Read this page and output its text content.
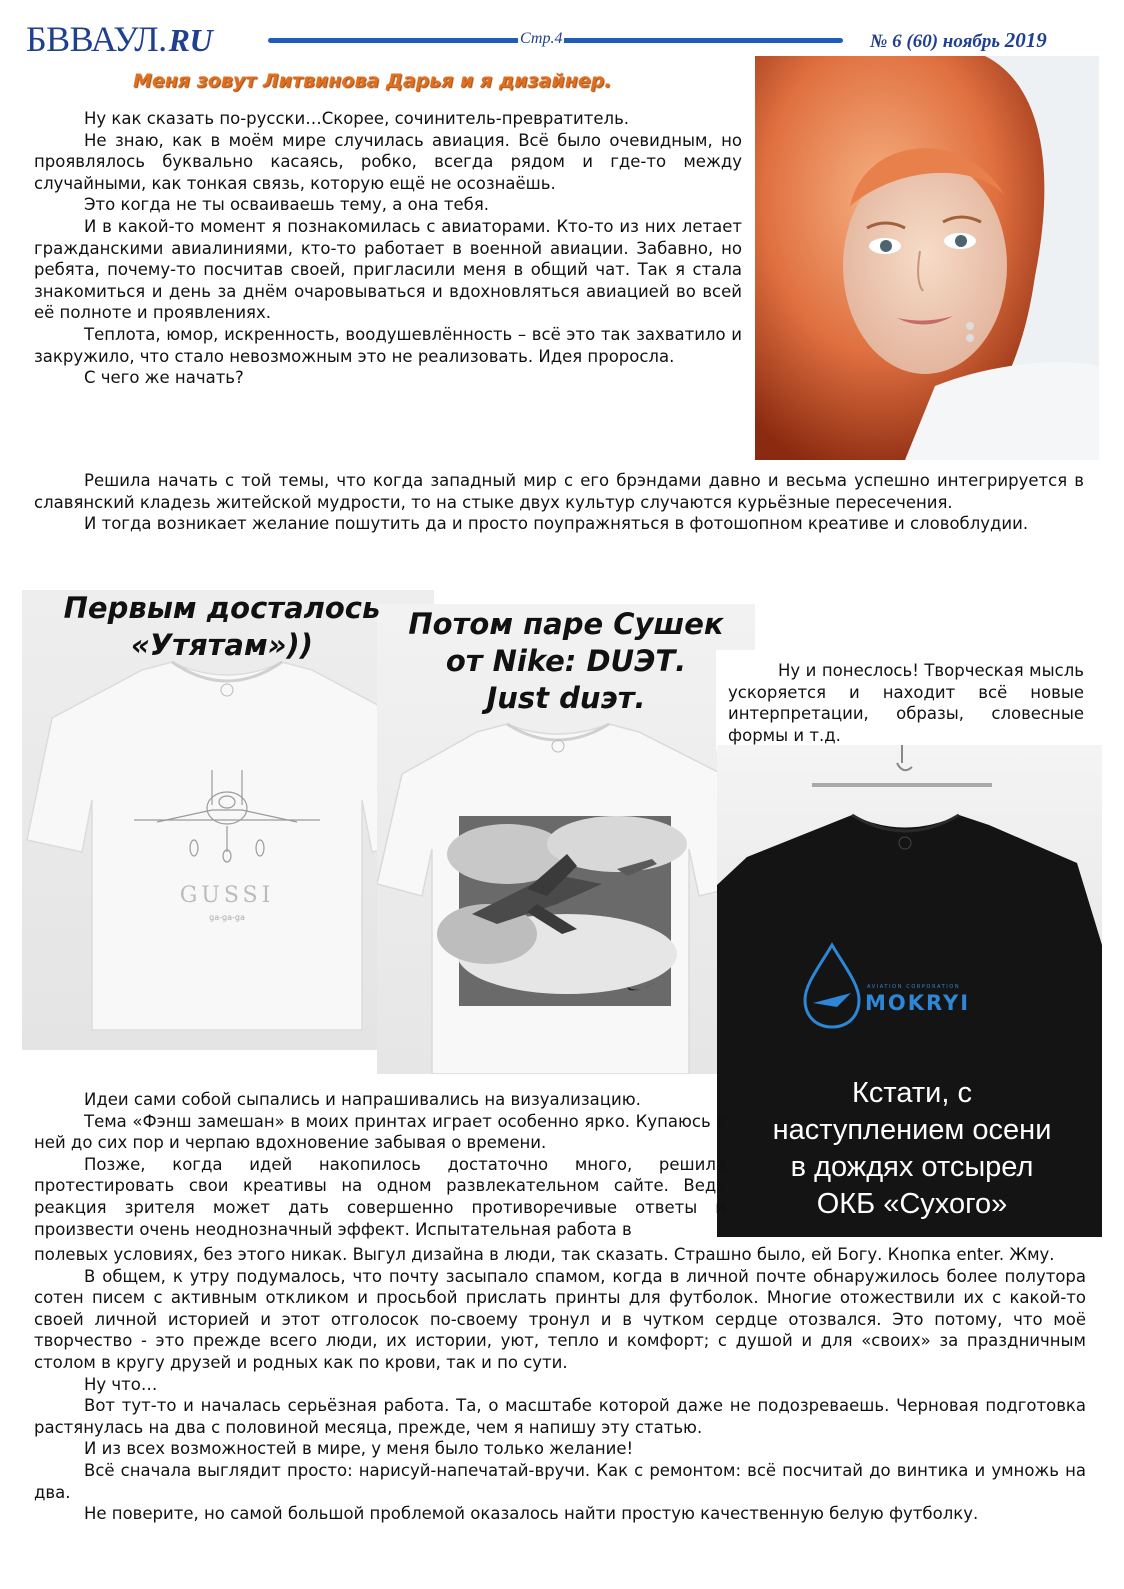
БВВАУЛ.RU	Стр.4	№ 6 (60) ноябрь 2019
Меня зовут Литвинова Дарья и я дизайнер.

Ну как сказать по-русски…Скорее, сочинитель-превратитель.

Не знаю, как в моём мире случилась авиация. Всё было очевидным, но проявлялось буквально касаясь, робко, всегда рядом и где-то между случайными, как тонкая связь, которую ещё не осознаёшь.

Это когда не ты осваиваешь тему, а она тебя.

И в какой-то момент я познакомилась с авиаторами. Кто-то из них летает гражданскими авиалиниями, кто-то работает в военной авиации. Забавно, но ребята, почему-то посчитав своей, пригласили меня в общий чат. Так я стала знакомиться и день за днём очаровываться и вдохновляться авиацией во всей её полноте и проявлениях.

Теплота, юмор, искренность, воодушевлённость – всё это так захватило и закружило, что стало невозможным это не реализовать. Идея проросла.

С чего же начать?

Решила начать с той темы, что когда западный мир с его брэндами давно и весьма успешно интегрируется в славянский кладезь житейской мудрости, то на стыке двух культур случаются курьёзные пересечения.

И тогда возникает желание пошутить да и просто поупражняться в фотошопном креативе и словоблудии.

GUSSI
ga-ga-ga
Первым досталось
«Утятам»))
Потом паре Сушек
от Nike: DUЭТ.
Just duэт.

Ну и понеслось! Творческая мысль ускоряется и находит всё новые интерпретации, образы, словесные формы и т.д.

AVIATION CORPORATION
MOKRYI
Кстати, с
наступлением осени
в дождях отсырел
ОКБ «Сухого»

Идеи сами собой сыпались и напрашивались на визуализацию.

Тема «Фэнш замешан» в моих принтах играет особенно ярко. Купаюсь в ней до сих пор и черпаю вдохновение забывая о времени.

Позже, когда идей накопилось достаточно много, решила протестировать свои креативы на одном развлекательном сайте. Ведь реакция зрителя может дать совершенно противоречивые ответы и произвести очень неоднозначный эффект. Испытательная работа в

полевых условиях, без этого никак. Выгул дизайна в люди, так сказать. Страшно было, ей Богу. Кнопка enter. Жму.

В общем, к утру подумалось, что почту засыпало спамом, когда в личной почте обнаружилось более полутора сотен писем с активным откликом и просьбой прислать принты для футболок. Многие отожествили их с какой-то своей личной историей и этот отголосок по-своему тронул и в чутком сердце отозвался. Это потому, что моё творчество - это прежде всего люди, их истории, уют, тепло и комфорт; с душой и для «своих» за праздничным столом в кругу друзей и родных как по крови, так и по сути.

Ну что…

Вот тут-то и началась серьёзная работа. Та, о масштабе которой даже не подозреваешь. Черновая подготовка растянулась на два с половиной месяца, прежде, чем я напишу эту статью.

И из всех возможностей в мире, у меня было только желание!

Всё сначала выглядит просто: нарисуй-напечатай-вручи. Как с ремонтом: всё посчитай до винтика и умножь на два.

Не поверите, но самой большой проблемой оказалось найти простую качественную белую футболку.
